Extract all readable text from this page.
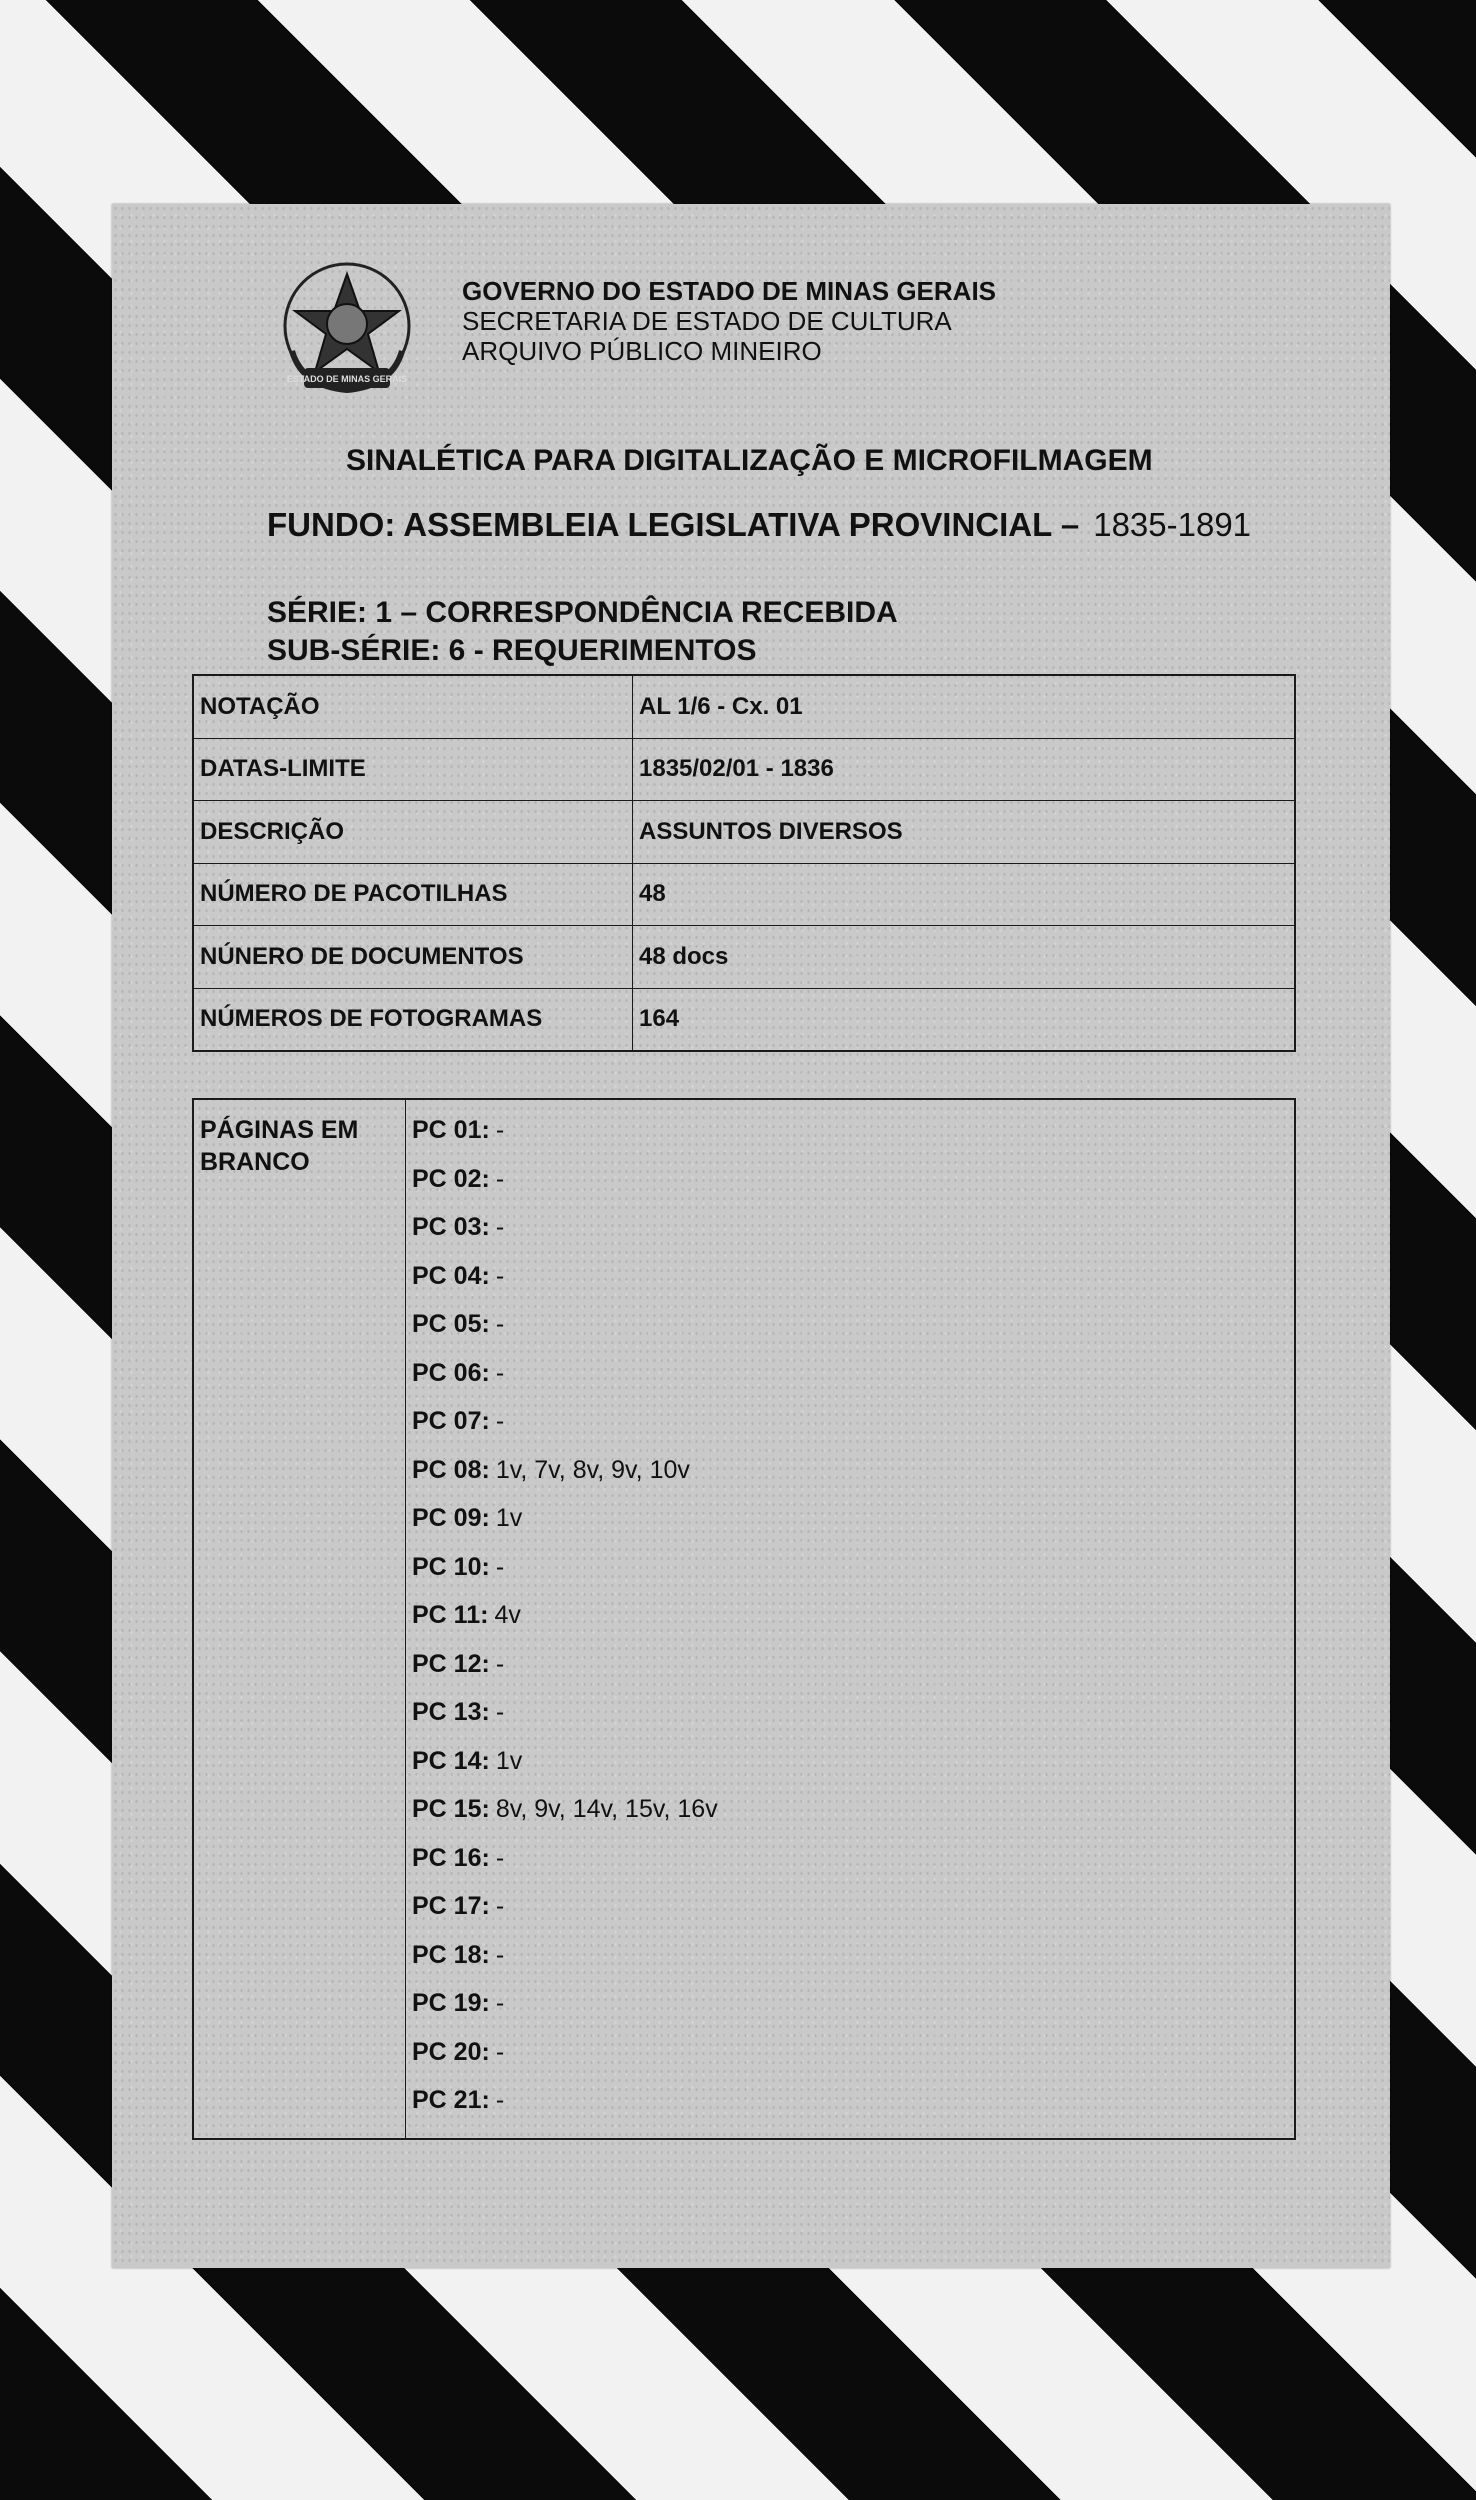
ESTADO DE MINAS GERAIS
GOVERNO DO ESTADO DE MINAS GERAIS
SECRETARIA DE ESTADO DE CULTURA
ARQUIVO PÚBLICO MINEIRO
SINALÉTICA PARA DIGITALIZAÇÃO E MICROFILMAGEM
FUNDO: ASSEMBLEIA LEGISLATIVA PROVINCIAL – 1835-1891
SÉRIE: 1 – CORRESPONDÊNCIA RECEBIDA
SUB-SÉRIE: 6 - REQUERIMENTOS
NOTAÇÃO	AL 1/6 - Cx. 01
DATAS-LIMITE	1835/02/01 - 1836
DESCRIÇÃO	ASSUNTOS DIVERSOS
NÚMERO DE PACOTILHAS	48
NÚNERO DE DOCUMENTOS	48 docs
NÚMEROS DE FOTOGRAMAS	164
PÁGINAS EM BRANCO
PC 01: -
PC 02: -
PC 03: -
PC 04: -
PC 05: -
PC 06: -
PC 07: -
PC 08: 1v, 7v, 8v, 9v, 10v
PC 09: 1v
PC 10: -
PC 11: 4v
PC 12: -
PC 13: -
PC 14: 1v
PC 15: 8v, 9v, 14v, 15v, 16v
PC 16: -
PC 17: -
PC 18: -
PC 19: -
PC 20: -
PC 21: -
